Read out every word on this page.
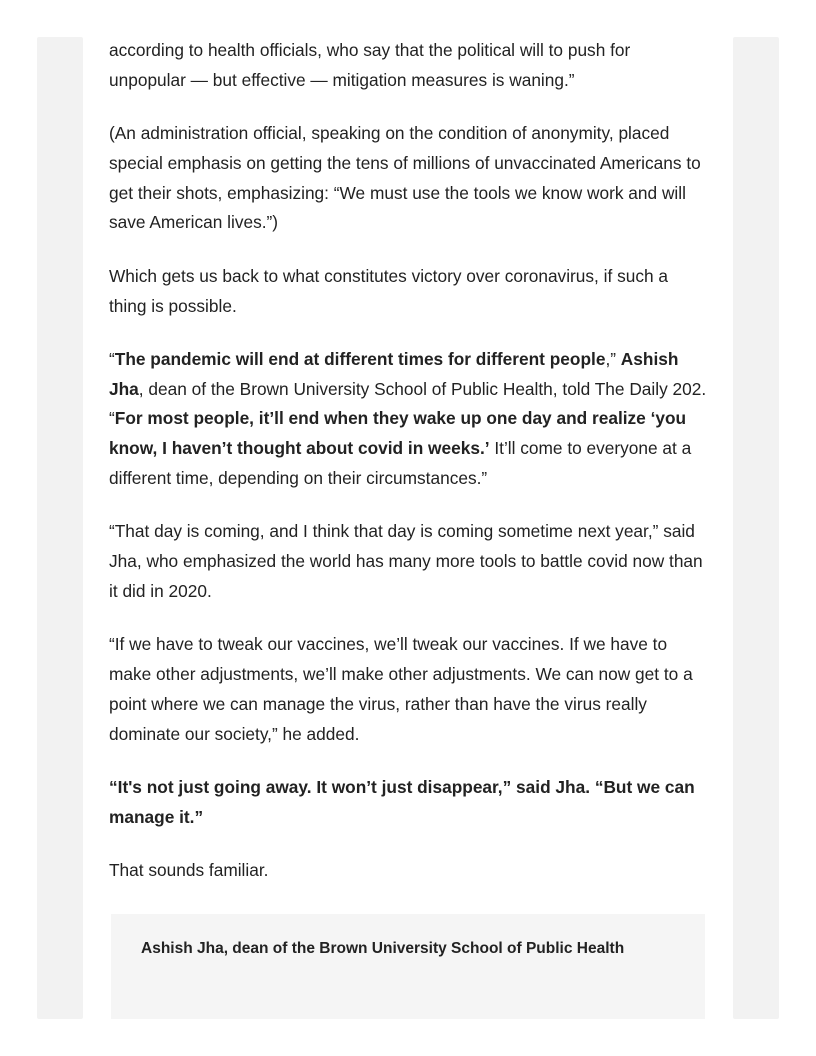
according to health officials, who say that the political will to push for unpopular — but effective — mitigation measures is waning.”

(An administration official, speaking on the condition of anonymity, placed special emphasis on getting the tens of millions of unvaccinated Americans to get their shots, emphasizing: “We must use the tools we know work and will save American lives.”)

Which gets us back to what constitutes victory over coronavirus, if such a thing is possible.

“The pandemic will end at different times for different people,” Ashish Jha, dean of the Brown University School of Public Health, told The Daily 202. “For most people, it’ll end when they wake up one day and realize ‘you know, I haven’t thought about covid in weeks.’ It’ll come to everyone at a different time, depending on their circumstances.”

“That day is coming, and I think that day is coming sometime next year,” said Jha, who emphasized the world has many more tools to battle covid now than it did in 2020.

“If we have to tweak our vaccines, we’ll tweak our vaccines. If we have to make other adjustments, we’ll make other adjustments. We can now get to a point where we can manage the virus, rather than have the virus really dominate our society,” he added.

“It's not just going away. It won’t just disappear,” said Jha. “But we can manage it.”

That sounds familiar.

Ashish Jha, dean of the Brown University School of Public Health
